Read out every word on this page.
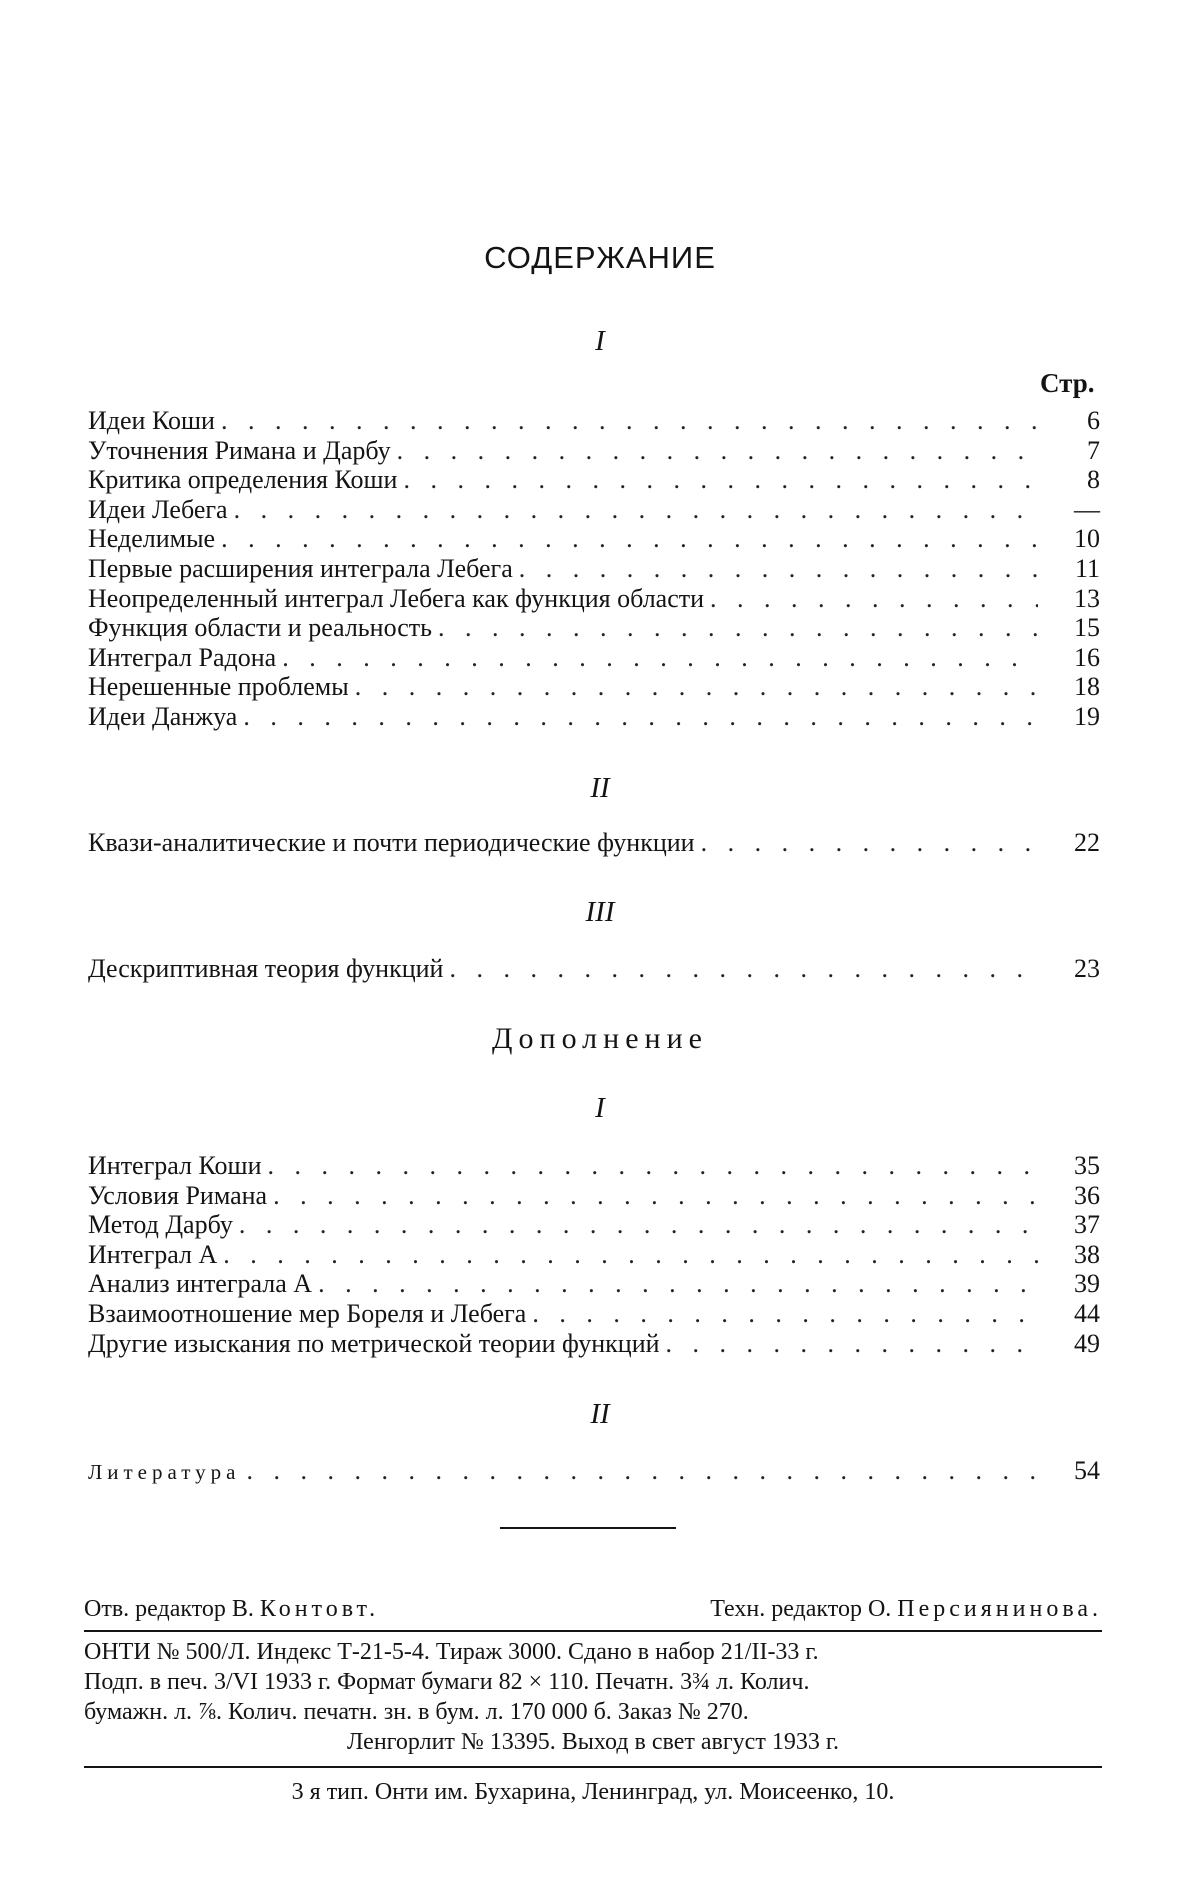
СОДЕРЖАНИЕ
I
Стр.
Идеи Коши . . .	6
Уточнения Римана и Дарбу . . .	7
Критика определения Коши . . .	8
Идеи Лебега . . .	—
Неделимые . . .	10
Первые расширения интеграла Лебега . . .	11
Неопределенный интеграл Лебега как функция области . . .	13
Функция области и реальность . . .	15
Интеграл Радона . . .	16
Нерешенные проблемы . . .	18
Идеи Данжуа . . .	19
II
Квази-аналитические и почти периодические функции . . .	22
III
Дескриптивная теория функций . . .	23
Дополнение
I
Интеграл Коши . . .	35
Условия Римана . . .	36
Метод Дарбу . . .	37
Интеграл А . . .	38
Анализ интеграла А . . .	39
Взаимоотношение мер Бореля и Лебега . . .	44
Другие изыскания по метрической теории функций . . .	49
II
Литература . . .	54
Отв. редактор В. Контовт.	Техн. редактор О. Персиянинова.
ОНТИ № 500/Л. Индекс Т-21-5-4. Тираж 3000. Сдано в набор 21/II-33 г.
Подп. в печ. 3/VI 1933 г. Формат бумаги 82 × 110. Печатн. 3¾ л. Колич.
бумажн. л. ⅞. Колич. печатн. зн. в бум. л. 170 000 б. Заказ № 270.
Ленгорлит № 13395. Выход в свет август 1933 г.
3 я тип. Онти им. Бухарина, Ленинград, ул. Моисеенко, 10.
